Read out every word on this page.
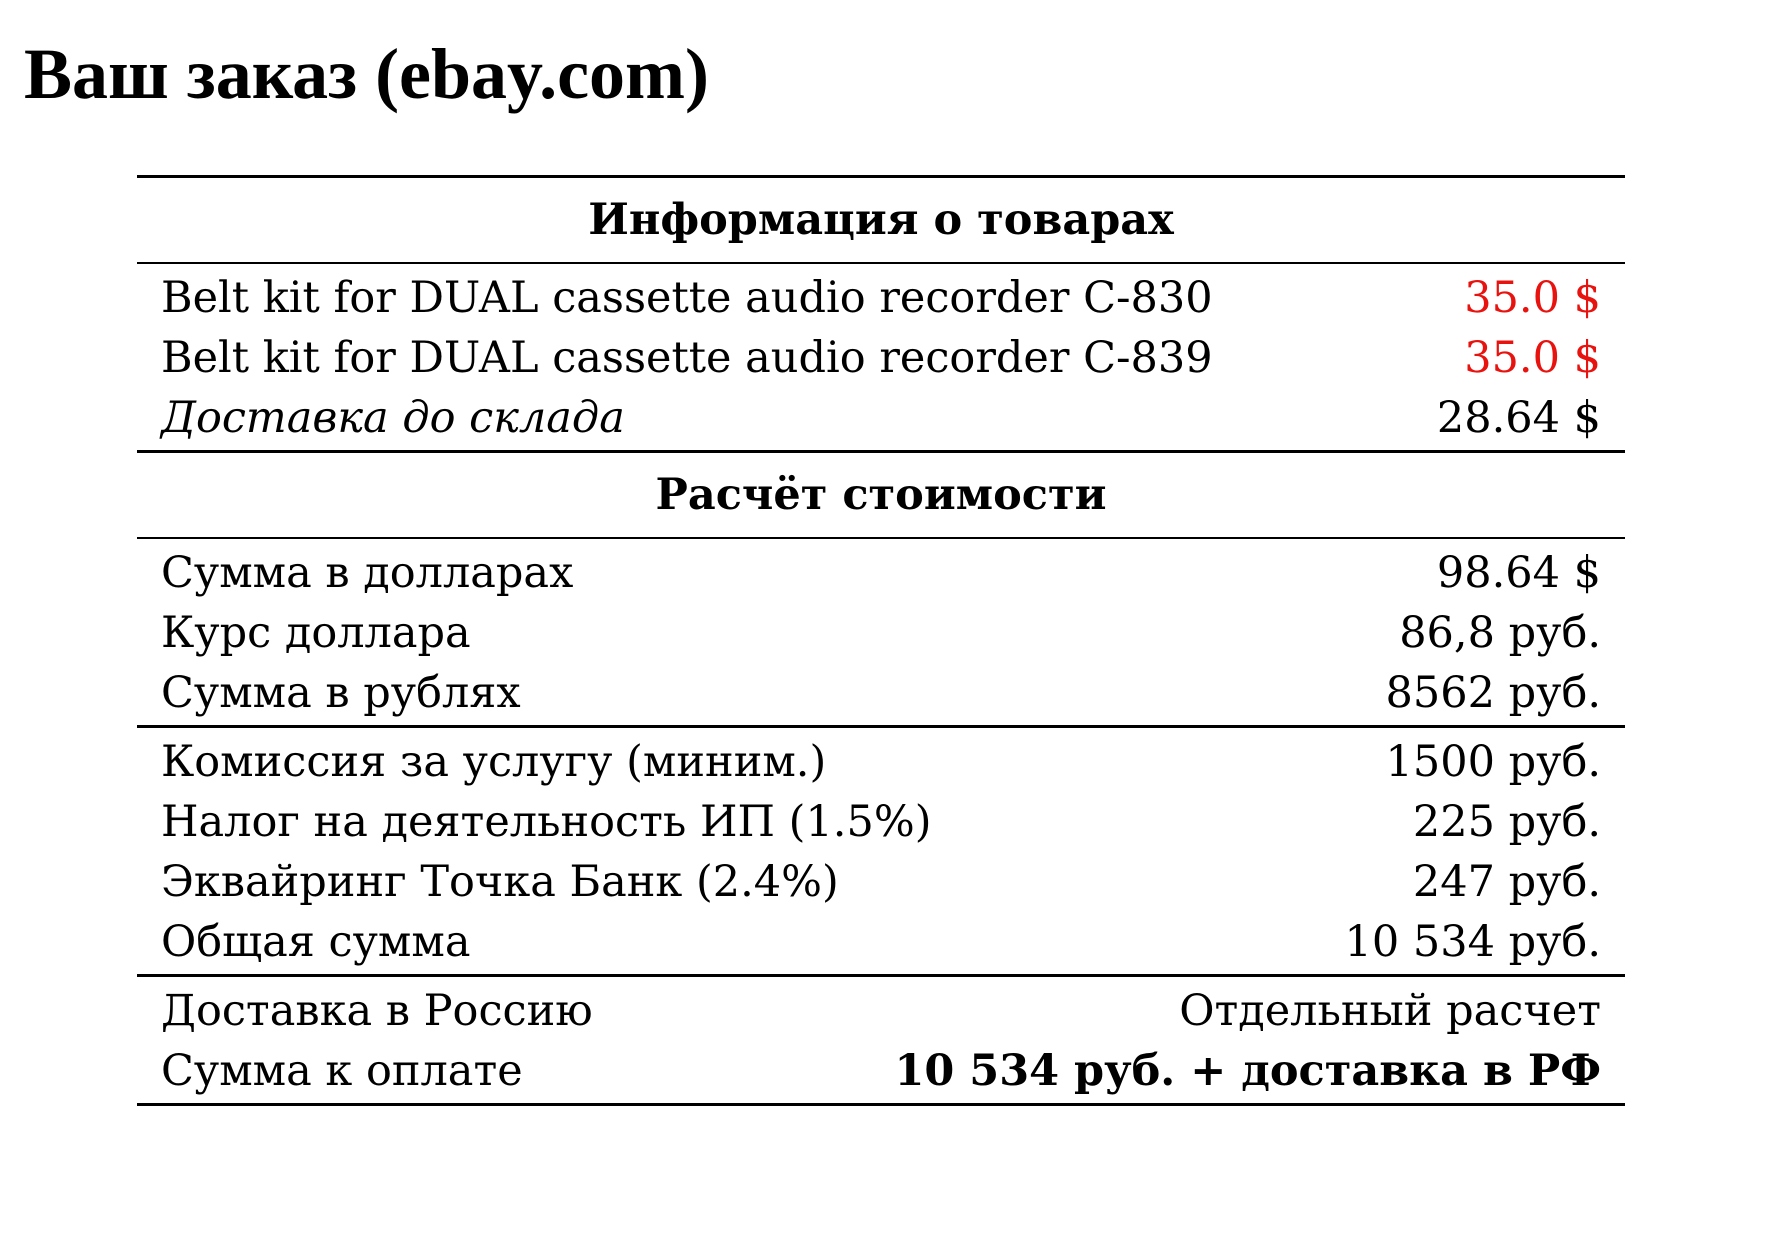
Ваш заказ (ebay.com)
Информация о товарах
Belt kit for DUAL cassette audio recorder C-830	35.0 $
Belt kit for DUAL cassette audio recorder C-839	35.0 $
Доставка до склада	28.64 $
Расчёт стоимости
Сумма в долларах	98.64 $
Курс доллара	86,8 руб.
Сумма в рублях	8562 руб.
Комиссия за услугу (миним.)	1500 руб.
Налог на деятельность ИП (1.5%)	225 руб.
Эквайринг Точка Банк (2.4%)	247 руб.
Общая сумма	10 534 руб.
Доставка в Россию	Отдельный расчет
Сумма к оплате	10 534 руб. + доставка в РФ
